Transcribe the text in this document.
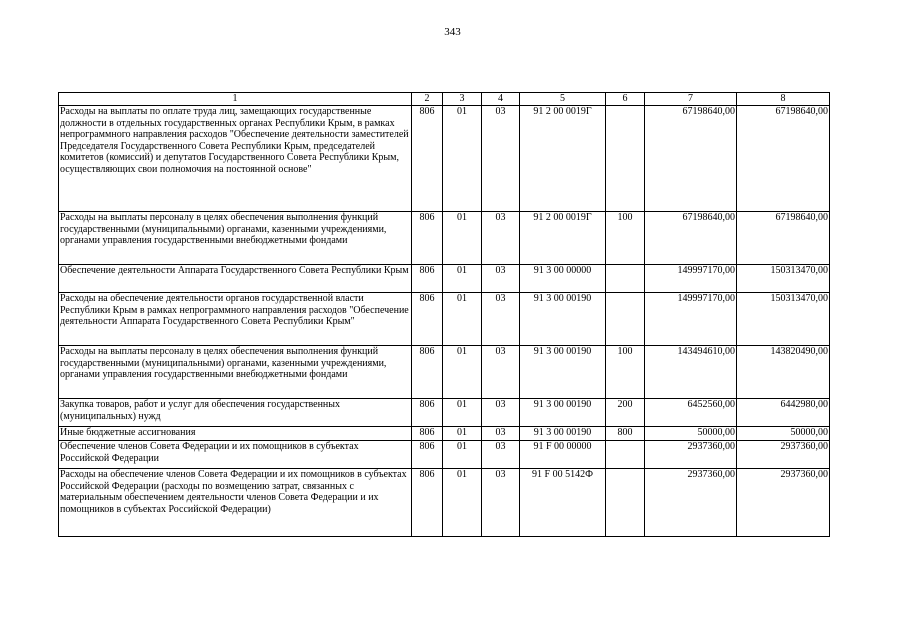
343
1	2	3	4	5	6	7	8
Расходы на выплаты по оплате труда лиц, замещающих государственные должности в отдельных государственных органах Республики Крым, в рамках непрограммного направления расходов "Обеспечение деятельности заместителей Председателя Государственного Совета Республики Крым, председателей комитетов (комиссий) и депутатов Государственного Совета Республики Крым, осуществляющих свои полномочия на постоянной основе"	806	01	03	91 2 00 0019Г		67198640,00	67198640,00
Расходы на выплаты персоналу в целях обеспечения выполнения функций государственными (муниципальными) органами, казенными учреждениями, органами управления государственными внебюджетными фондами	806	01	03	91 2 00 0019Г	100	67198640,00	67198640,00
Обеспечение деятельности Аппарата Государственного Совета Республики Крым	806	01	03	91 3 00 00000		149997170,00	150313470,00
Расходы на обеспечение деятельности органов государственной власти Республики Крым в рамках непрограммного направления расходов "Обеспечение деятельности Аппарата Государственного Совета Республики Крым"	806	01	03	91 3 00 00190		149997170,00	150313470,00
Расходы на выплаты персоналу в целях обеспечения выполнения функций государственными (муниципальными) органами, казенными учреждениями, органами управления государственными внебюджетными фондами	806	01	03	91 3 00 00190	100	143494610,00	143820490,00
Закупка товаров, работ и услуг для обеспечения государственных (муниципальных) нужд	806	01	03	91 3 00 00190	200	6452560,00	6442980,00
Иные бюджетные ассигнования	806	01	03	91 3 00 00190	800	50000,00	50000,00
Обеспечение членов Совета Федерации и их помощников в субъектах Российской Федерации	806	01	03	91 F 00 00000		2937360,00	2937360,00
Расходы на обеспечение членов Совета Федерации и их помощников в субъектах Российской Федерации (расходы по возмещению затрат, связанных с материальным обеспечением деятельности членов Совета Федерации и их помощников в субъектах Российской Федерации)	806	01	03	91 F 00 5142Ф		2937360,00	2937360,00
